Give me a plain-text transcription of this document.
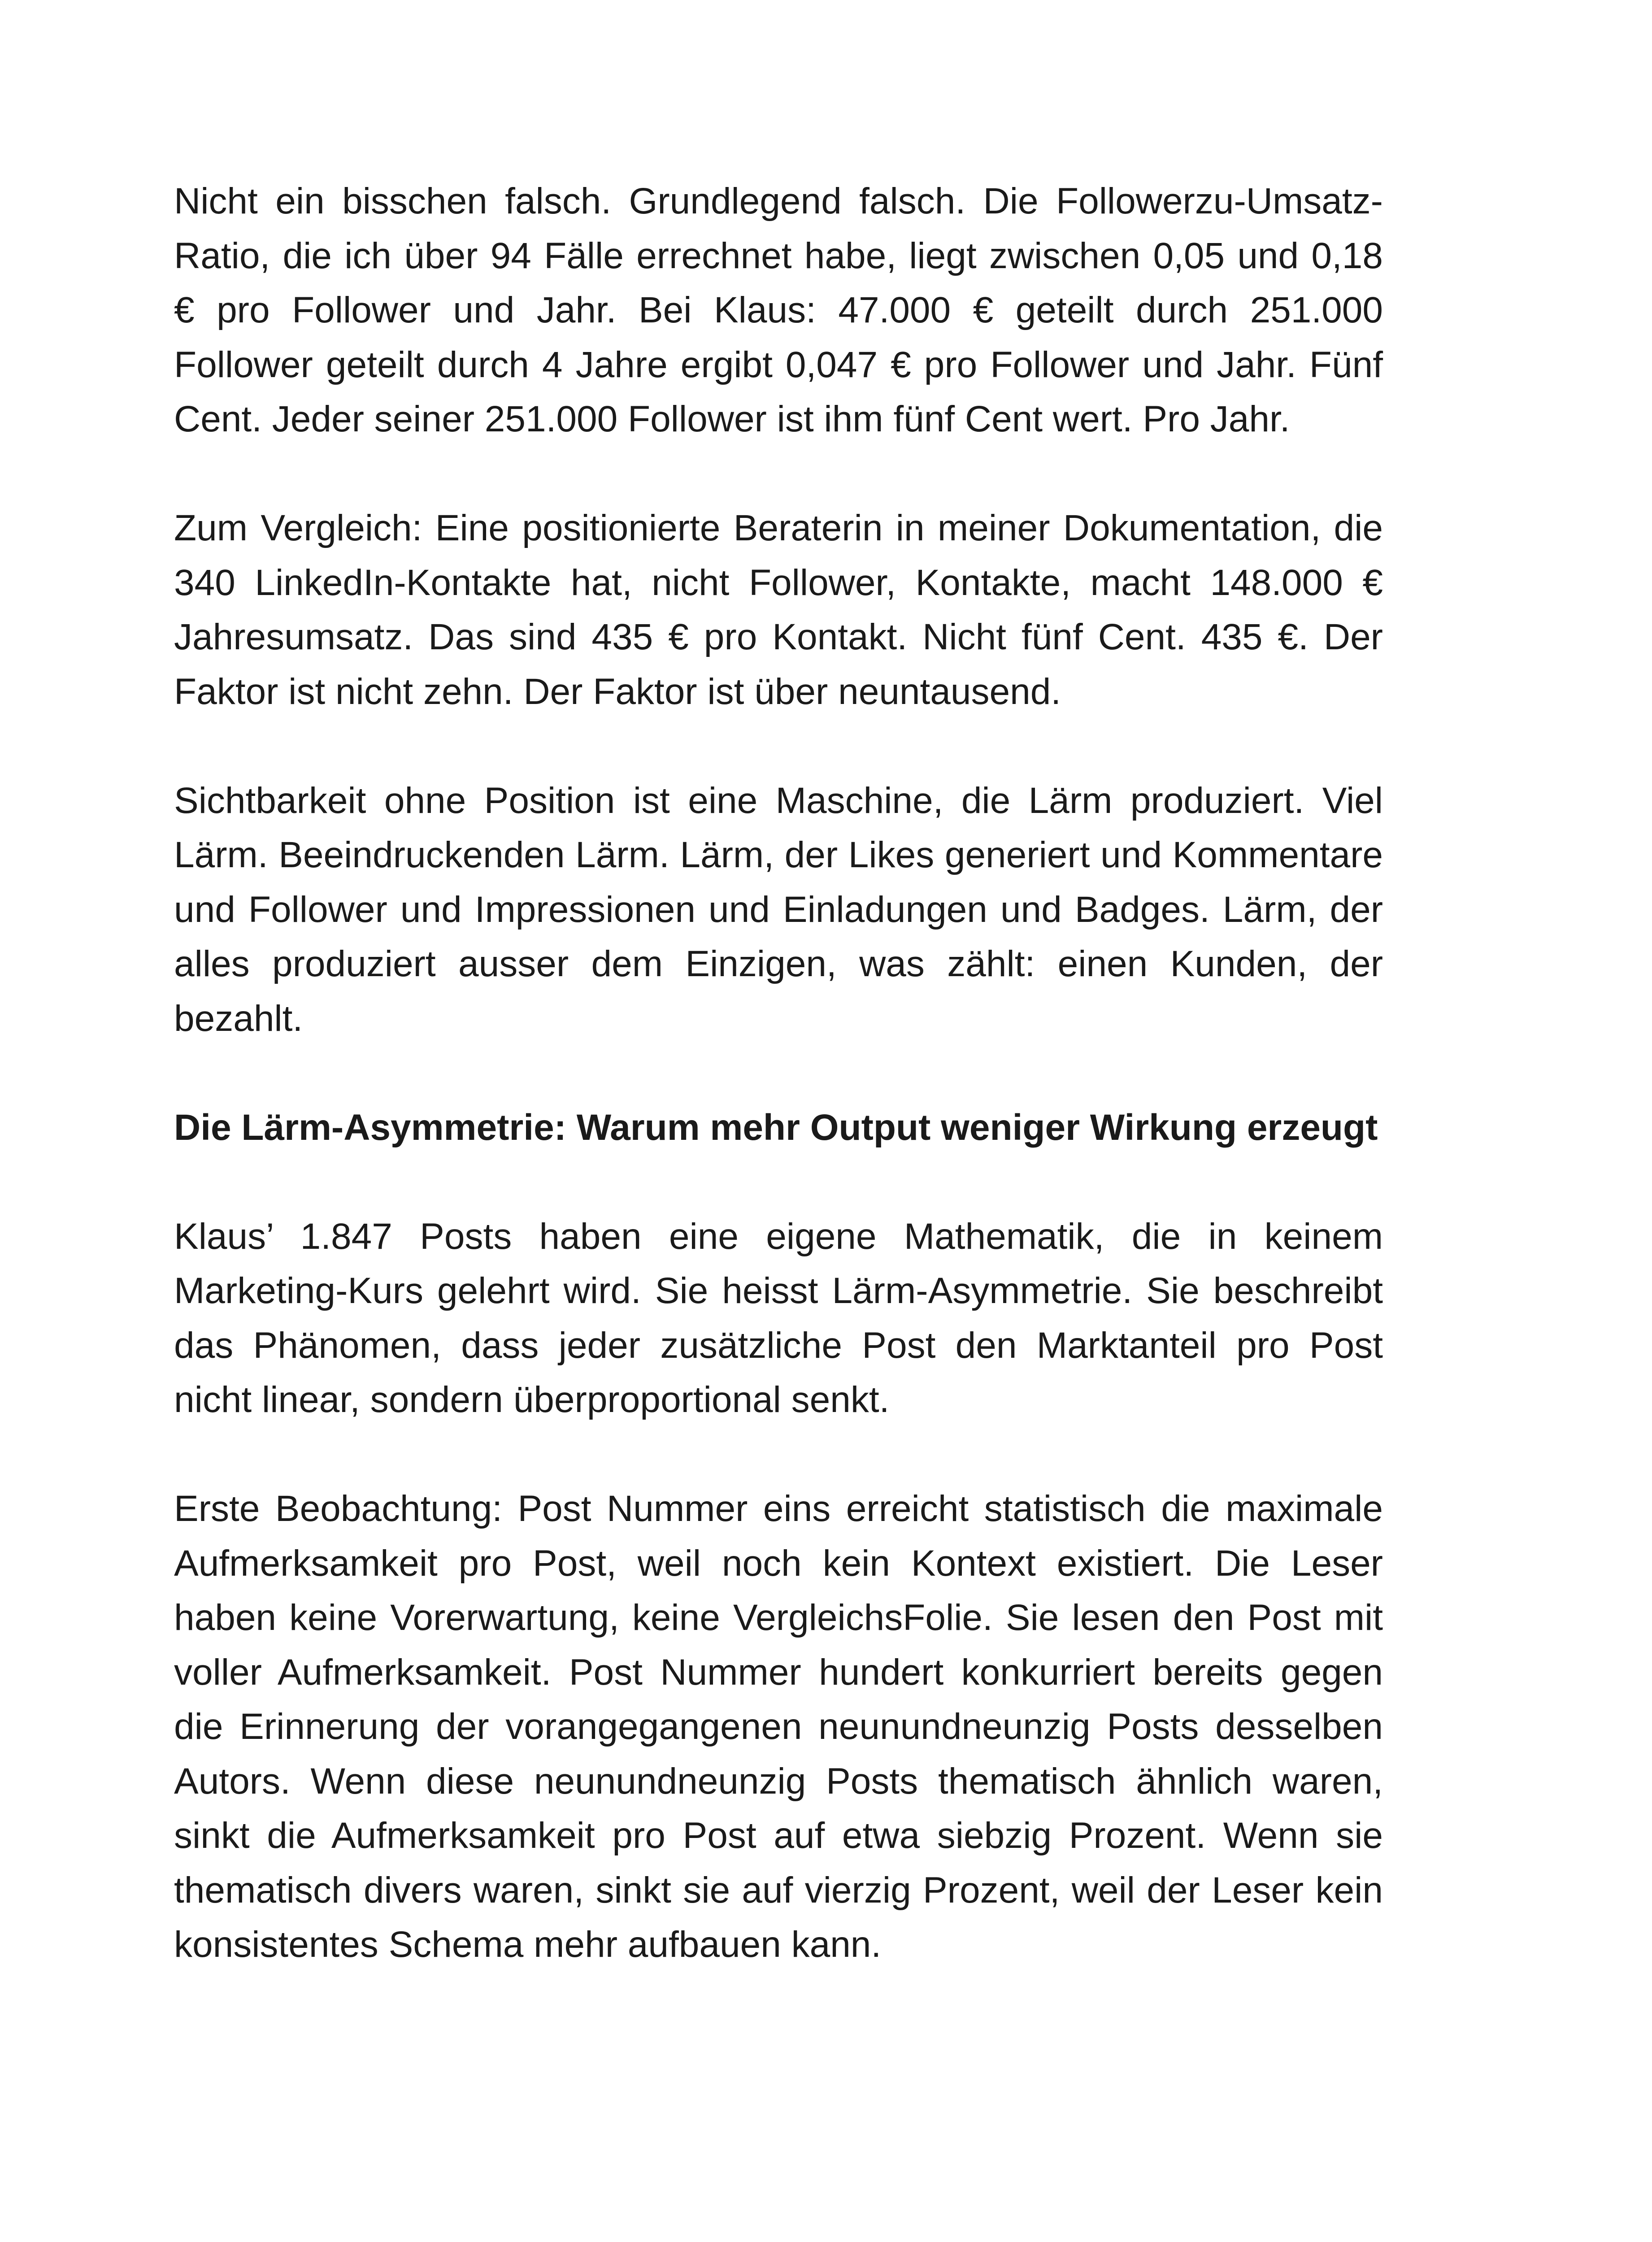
Nicht ein bisschen falsch. Grundlegend falsch. Die Followerzu-Umsatz-Ratio, die ich über 94 Fälle errechnet habe, liegt zwischen 0,05 und 0,18 € pro Follower und Jahr. Bei Klaus: 47.000 € geteilt durch 251.000 Follower geteilt durch 4 Jahre ergibt 0,047 € pro Follower und Jahr. Fünf Cent. Jeder seiner 251.000 Follower ist ihm fünf Cent wert. Pro Jahr.

Zum Vergleich: Eine positionierte Beraterin in meiner Dokumentation, die 340 LinkedIn-Kontakte hat, nicht Follower, Kontakte, macht 148.000 € Jahresumsatz. Das sind 435 € pro Kontakt. Nicht fünf Cent. 435 €. Der Faktor ist nicht zehn. Der Faktor ist über neuntausend.

Sichtbarkeit ohne Position ist eine Maschine, die Lärm produziert. Viel Lärm. Beeindruckenden Lärm. Lärm, der Likes generiert und Kommentare und Follower und Impressionen und Einladungen und Badges. Lärm, der alles produziert ausser dem Einzigen, was zählt: einen Kunden, der bezahlt.

Die Lärm-Asymmetrie: Warum mehr Output weniger Wirkung erzeugt

Klaus’ 1.847 Posts haben eine eigene Mathematik, die in keinem Marketing-Kurs gelehrt wird. Sie heisst Lärm-Asymmetrie. Sie beschreibt das Phänomen, dass jeder zusätzliche Post den Marktanteil pro Post nicht linear, sondern überproportional senkt.

Erste Beobachtung: Post Nummer eins erreicht statistisch die maximale Aufmerksamkeit pro Post, weil noch kein Kontext existiert. Die Leser haben keine Vorerwartung, keine VergleichsFolie. Sie lesen den Post mit voller Aufmerksamkeit. Post Nummer hundert konkurriert bereits gegen die Erinnerung der vorangegangenen neunundneunzig Posts desselben Autors. Wenn diese neunundneunzig Posts thematisch ähnlich waren, sinkt die Aufmerksamkeit pro Post auf etwa siebzig Prozent. Wenn sie thematisch divers waren, sinkt sie auf vierzig Prozent, weil der Leser kein konsistentes Schema mehr aufbauen kann.
